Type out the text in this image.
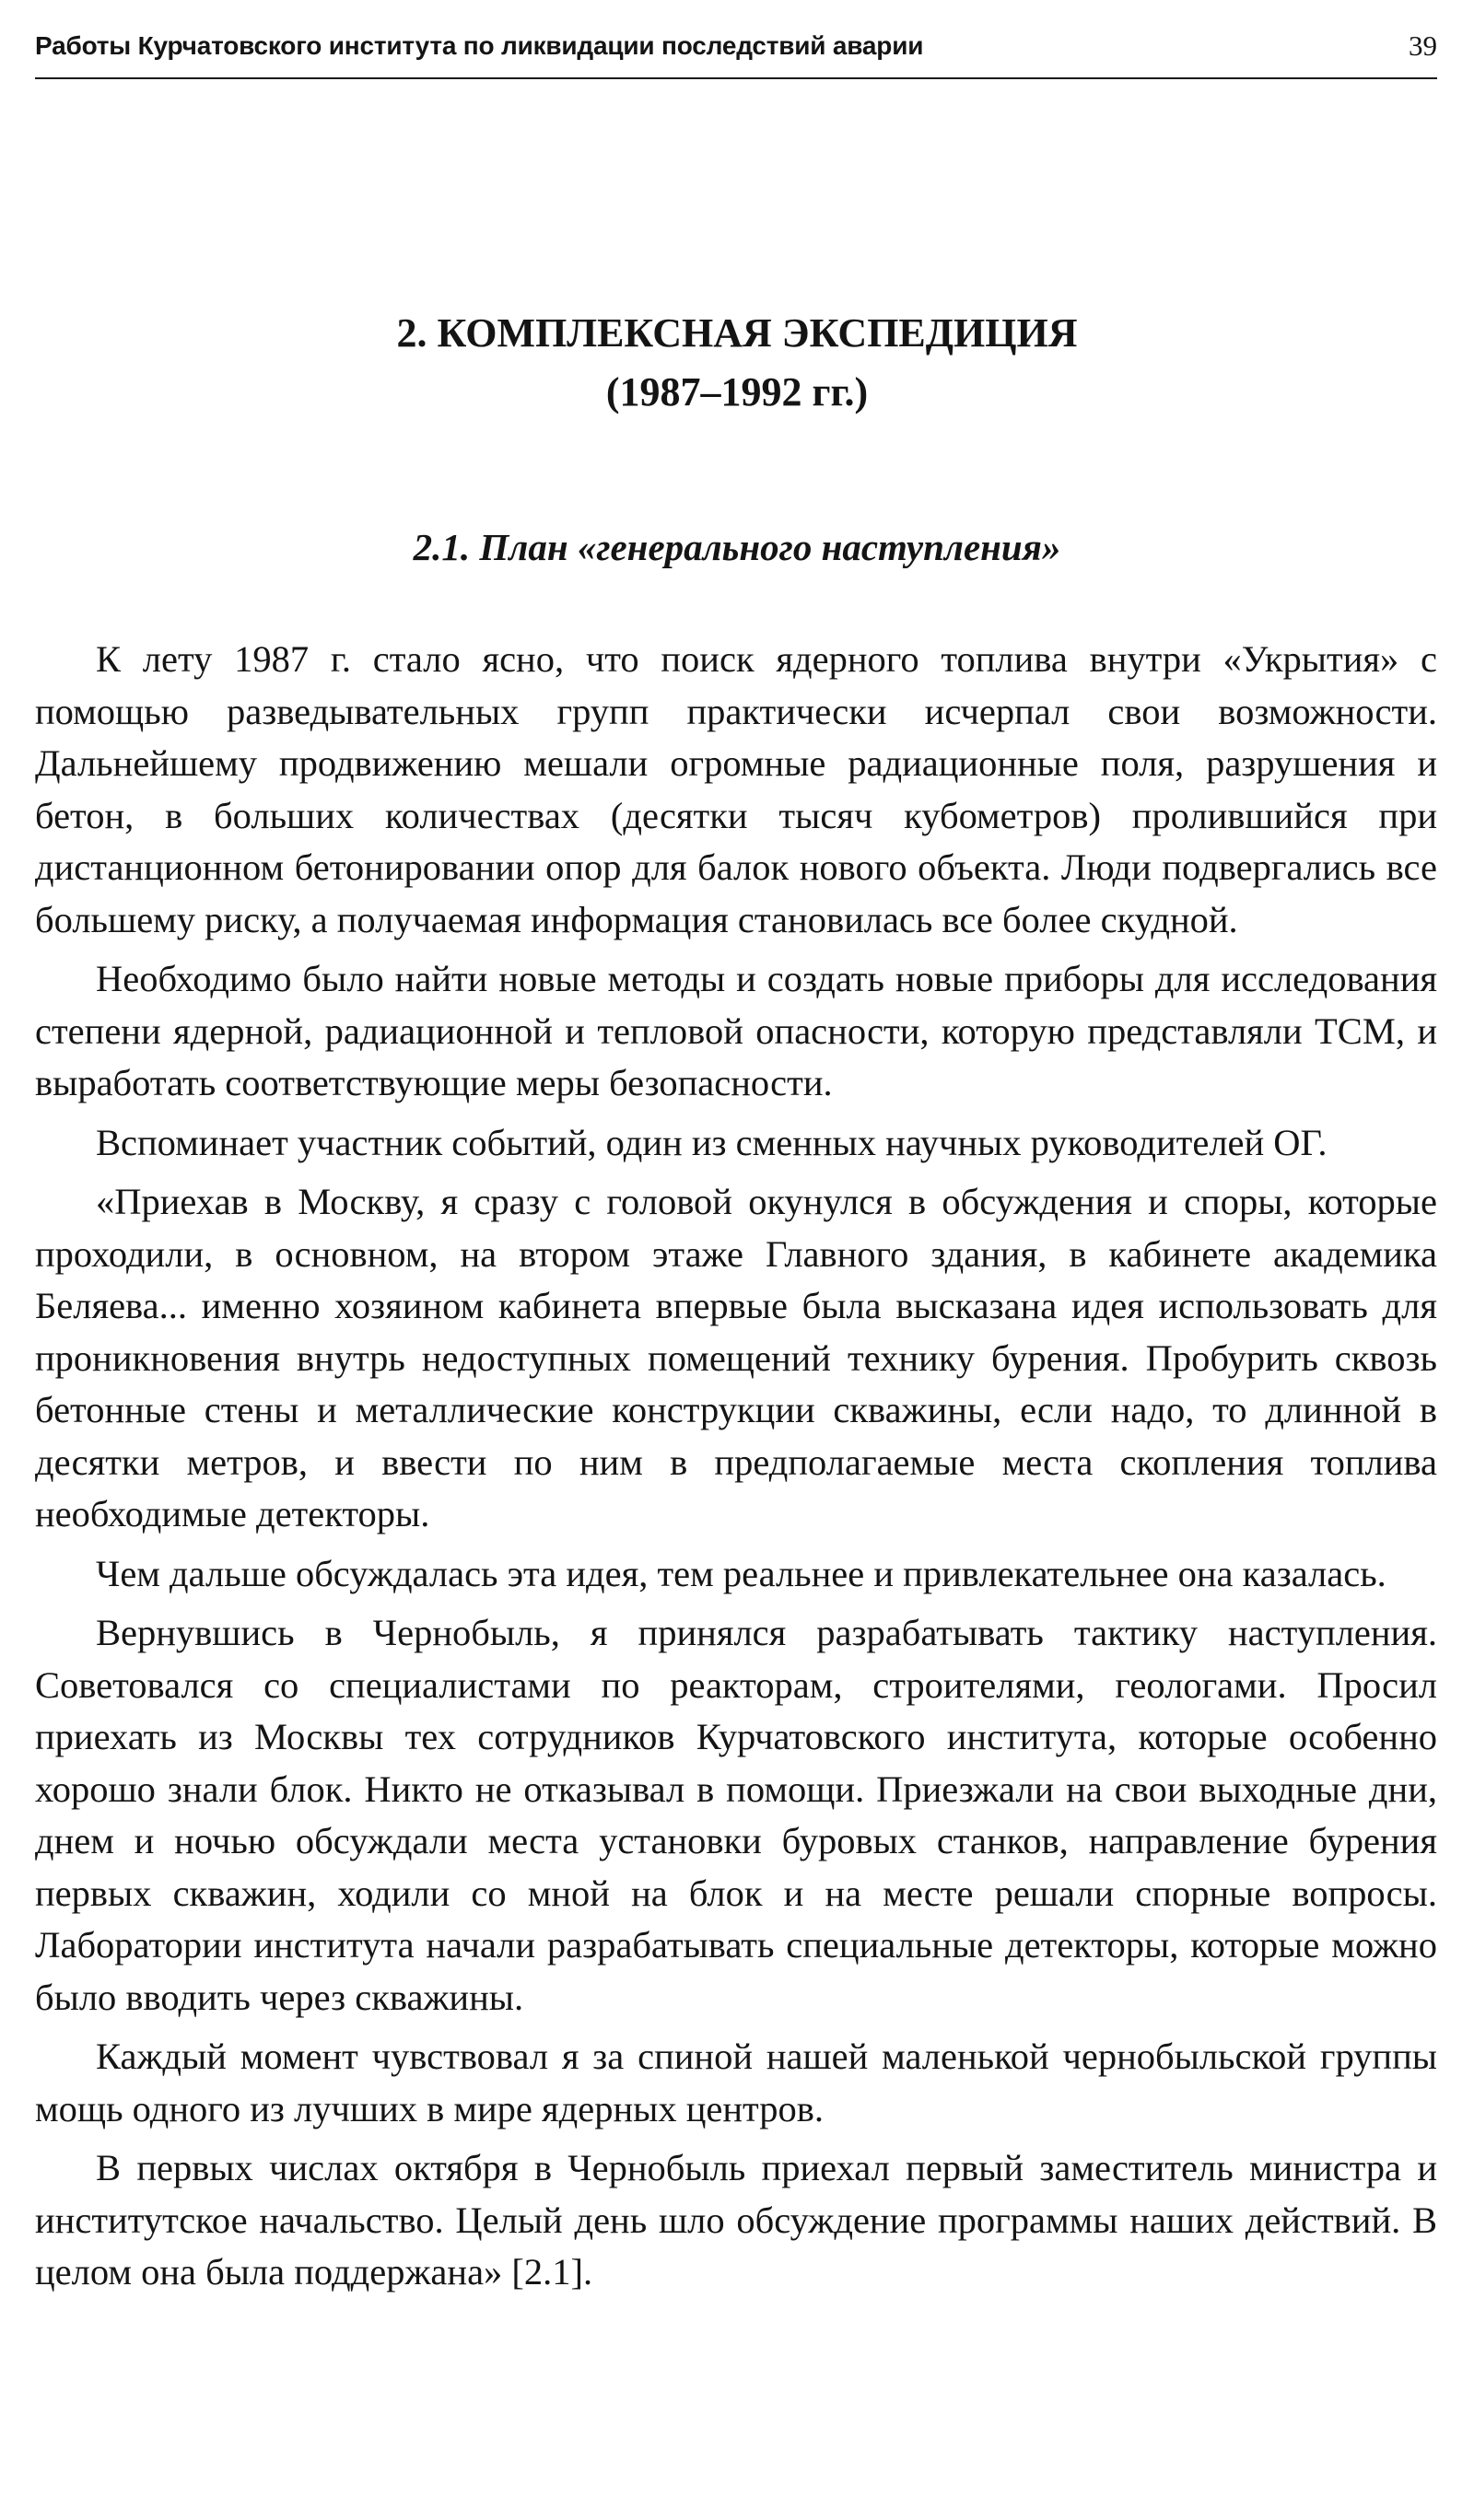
Работы Курчатовского института по ликвидации последствий аварии	39
2. КОМПЛЕКСНАЯ ЭКСПЕДИЦИЯ
(1987–1992 гг.)
2.1. План «генерального наступления»

К лету 1987 г. стало ясно, что поиск ядерного топлива внутри «Укрытия» с помощью разведывательных групп практически исчерпал свои возможности. Дальнейшему продвижению мешали огромные радиационные поля, разрушения и бетон, в больших количествах (десятки тысяч кубометров) пролившийся при дистанционном бетонировании опор для балок нового объекта. Люди подвергались все большему риску, а получаемая информация становилась все более скудной.

Необходимо было найти новые методы и создать новые приборы для исследования степени ядерной, радиационной и тепловой опасности, которую представляли ТСМ, и выработать соответствующие меры безопасности.

Вспоминает участник событий, один из сменных научных руководителей ОГ.

«Приехав в Москву, я сразу с головой окунулся в обсуждения и споры, которые проходили, в основном, на втором этаже Главного здания, в кабинете академика Беляева... именно хозяином кабинета впервые была высказана идея использовать для проникновения внутрь недоступных помещений технику бурения. Пробурить сквозь бетонные стены и металлические конструкции скважины, если надо, то длинной в десятки метров, и ввести по ним в предполагаемые места скопления топлива необходимые детекторы.

Чем дальше обсуждалась эта идея, тем реальнее и привлекательнее она казалась.

Вернувшись в Чернобыль, я принялся разрабатывать тактику наступления. Советовался со специалистами по реакторам, строителями, геологами. Просил приехать из Москвы тех сотрудников Курчатовского института, которые особенно хорошо знали блок. Никто не отказывал в помощи. Приезжали на свои выходные дни, днем и ночью обсуждали места установки буровых станков, направление бурения первых скважин, ходили со мной на блок и на месте решали спорные вопросы. Лаборатории института начали разрабатывать специальные детекторы, которые можно было вводить через скважины.

Каждый момент чувствовал я за спиной нашей маленькой чернобыльской группы мощь одного из лучших в мире ядерных центров.

В первых числах октября в Чернобыль приехал первый заместитель министра и институтское начальство. Целый день шло обсуждение программы наших действий. В целом она была поддержана» [2.1].
